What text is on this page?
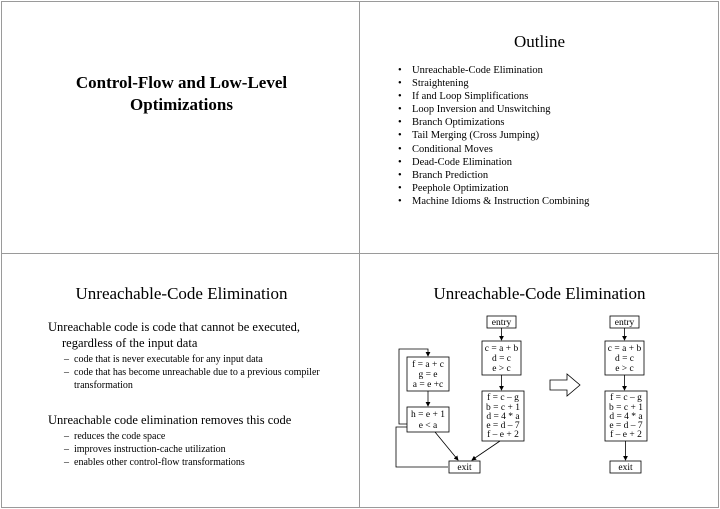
Control-Flow and Low-Level
Optimizations
Outline
• Unreachable-Code Elimination
• Straightening
• If and Loop Simplifications
• Loop Inversion and Unswitching
• Branch Optimizations
• Tail Merging (Cross Jumping)
• Conditional Moves
• Dead-Code Elimination
• Branch Prediction
• Peephole Optimization
• Machine Idioms & Instruction Combining
Unreachable-Code Elimination

Unreachable code is code that cannot be executed, regardless of the input data

– code that is never executable for any input data
– code that has become unreachable due to a previous compiler transformation

Unreachable code elimination removes this code

– reduces the code space
– improves instruction-cache utilization
– enables other control-flow transformations
Unreachable-Code Elimination
entry
c = a + b
d = c
e > c
f = a + c
g = e
a = e +c
h = e + 1
e < a
f = c – g
b = c + 1
d = 4 * a
e = d – 7
f – e + 2
exit
entry
c = a + b
d = c
e > c
f = c – g
b = c + 1
d = 4 * a
e = d – 7
f – e + 2
exit
